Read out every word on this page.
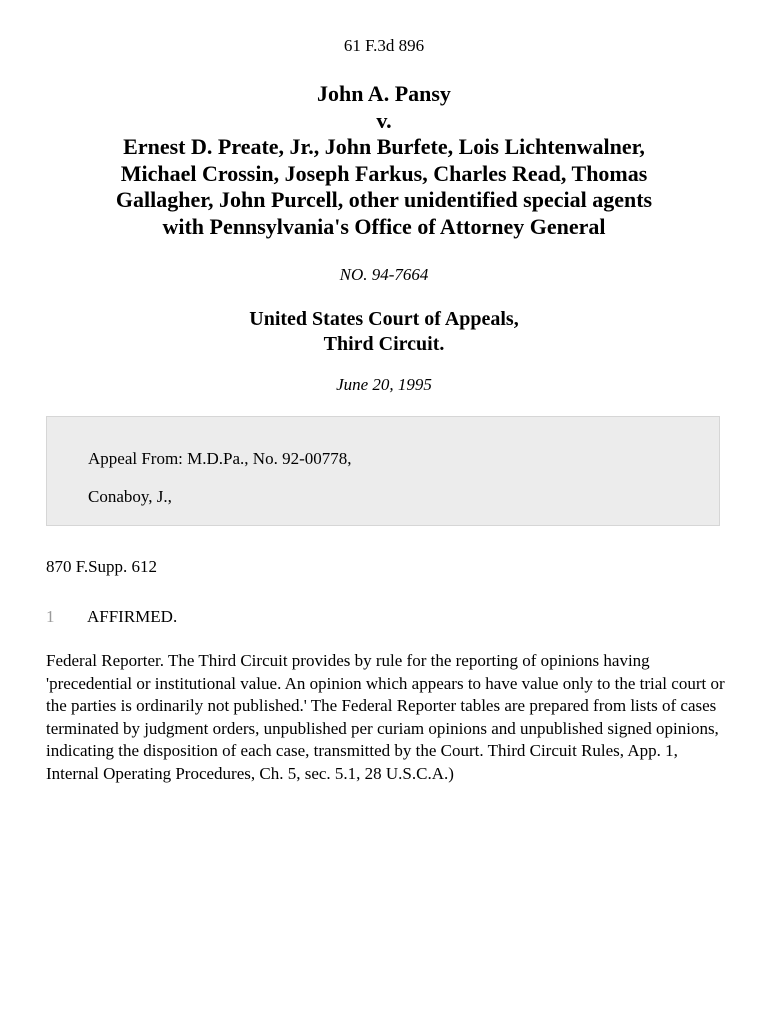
61 F.3d 896
John A. Pansy
v.
Ernest D. Preate, Jr., John Burfete, Lois Lichtenwalner,
Michael Crossin, Joseph Farkus, Charles Read, Thomas
Gallagher, John Purcell, other unidentified special agents
with Pennsylvania's Office of Attorney General
NO. 94-7664
United States Court of Appeals,
Third Circuit.
June 20, 1995
Appeal From: M.D.Pa., No. 92-00778,
Conaboy, J.,
870 F.Supp. 612
1 AFFIRMED.
Federal Reporter. The Third Circuit provides by rule for the reporting of opinions having 'precedential or institutional value. An opinion which appears to have value only to the trial court or the parties is ordinarily not published.' The Federal Reporter tables are prepared from lists of cases terminated by judgment orders, unpublished per curiam opinions and unpublished signed opinions, indicating the disposition of each case, transmitted by the Court. Third Circuit Rules, App. 1, Internal Operating Procedures, Ch. 5, sec. 5.1, 28 U.S.C.A.)
